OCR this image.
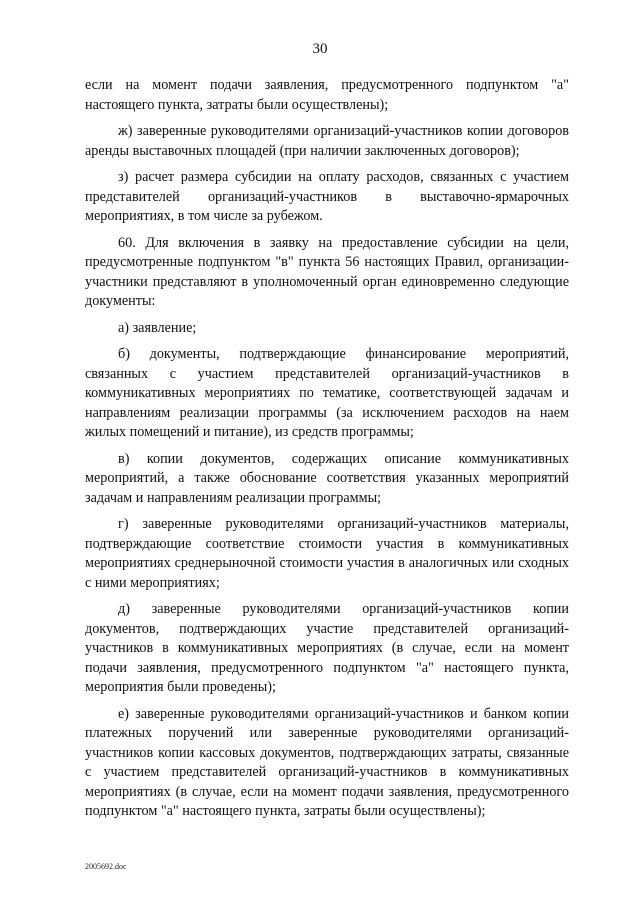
30

если на момент подачи заявления, предусмотренного подпунктом "а" настоящего пункта, затраты были осуществлены);

ж) заверенные руководителями организаций-участников копии договоров аренды выставочных площадей (при наличии заключенных договоров);

з) расчет размера субсидии на оплату расходов, связанных с участием представителей организаций-участников в выставочно-ярмарочных мероприятиях, в том числе за рубежом.

60. Для включения в заявку на предоставление субсидии на цели, предусмотренные подпунктом "в" пункта 56 настоящих Правил, организации-участники представляют в уполномоченный орган единовременно следующие документы:

а) заявление;

б) документы, подтверждающие финансирование мероприятий, связанных с участием представителей организаций-участников в коммуникативных мероприятиях по тематике, соответствующей задачам и направлениям реализации программы (за исключением расходов на наем жилых помещений и питание), из средств программы;

в) копии документов, содержащих описание коммуникативных мероприятий, а также обоснование соответствия указанных мероприятий задачам и направлениям реализации программы;

г) заверенные руководителями организаций-участников материалы, подтверждающие соответствие стоимости участия в коммуникативных мероприятиях среднерыночной стоимости участия в аналогичных или сходных с ними мероприятиях;

д) заверенные руководителями организаций-участников копии документов, подтверждающих участие представителей организаций-участников в коммуникативных мероприятиях (в случае, если на момент подачи заявления, предусмотренного подпунктом "а" настоящего пункта, мероприятия были проведены);

е) заверенные руководителями организаций-участников и банком копии платежных поручений или заверенные руководителями организаций-участников копии кассовых документов, подтверждающих затраты, связанные с участием представителей организаций-участников в коммуникативных мероприятиях (в случае, если на момент подачи заявления, предусмотренного подпунктом "а" настоящего пункта, затраты были осуществлены);

2005692.doc
